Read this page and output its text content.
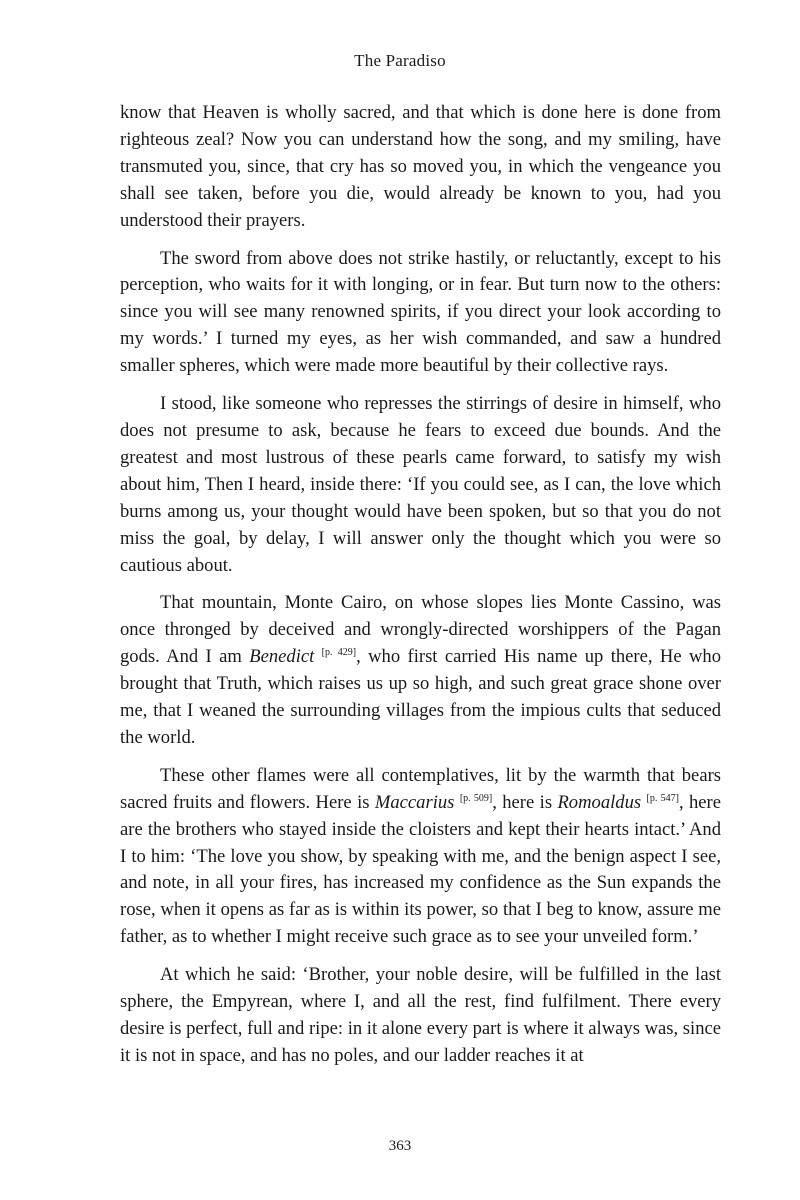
The Paradiso

know that Heaven is wholly sacred, and that which is done here is done from righteous zeal? Now you can understand how the song, and my smiling, have transmuted you, since, that cry has so moved you, in which the vengeance you shall see taken, before you die, would already be known to you, had you understood their prayers.

The sword from above does not strike hastily, or reluctantly, except to his perception, who waits for it with longing, or in fear. But turn now to the others: since you will see many renowned spirits, if you direct your look according to my words.’ I turned my eyes, as her wish commanded, and saw a hundred smaller spheres, which were made more beautiful by their collective rays.

I stood, like someone who represses the stirrings of desire in himself, who does not presume to ask, because he fears to exceed due bounds. And the greatest and most lustrous of these pearls came forward, to satisfy my wish about him, Then I heard, inside there: ‘If you could see, as I can, the love which burns among us, your thought would have been spoken, but so that you do not miss the goal, by delay, I will answer only the thought which you were so cautious about.

That mountain, Monte Cairo, on whose slopes lies Monte Cassino, was once thronged by deceived and wrongly-directed worshippers of the Pagan gods. And I am Benedict [p. 429], who first carried His name up there, He who brought that Truth, which raises us up so high, and such great grace shone over me, that I weaned the surrounding villages from the impious cults that seduced the world.

These other flames were all contemplatives, lit by the warmth that bears sacred fruits and flowers. Here is Maccarius [p. 509], here is Romoaldus [p. 547], here are the brothers who stayed inside the cloisters and kept their hearts intact.’ And I to him: ‘The love you show, by speaking with me, and the benign aspect I see, and note, in all your fires, has increased my confidence as the Sun expands the rose, when it opens as far as is within its power, so that I beg to know, assure me father, as to whether I might receive such grace as to see your unveiled form.’

At which he said: ‘Brother, your noble desire, will be fulfilled in the last sphere, the Empyrean, where I, and all the rest, find fulfilment. There every desire is perfect, full and ripe: in it alone every part is where it always was, since it is not in space, and has no poles, and our ladder reaches it at

363
